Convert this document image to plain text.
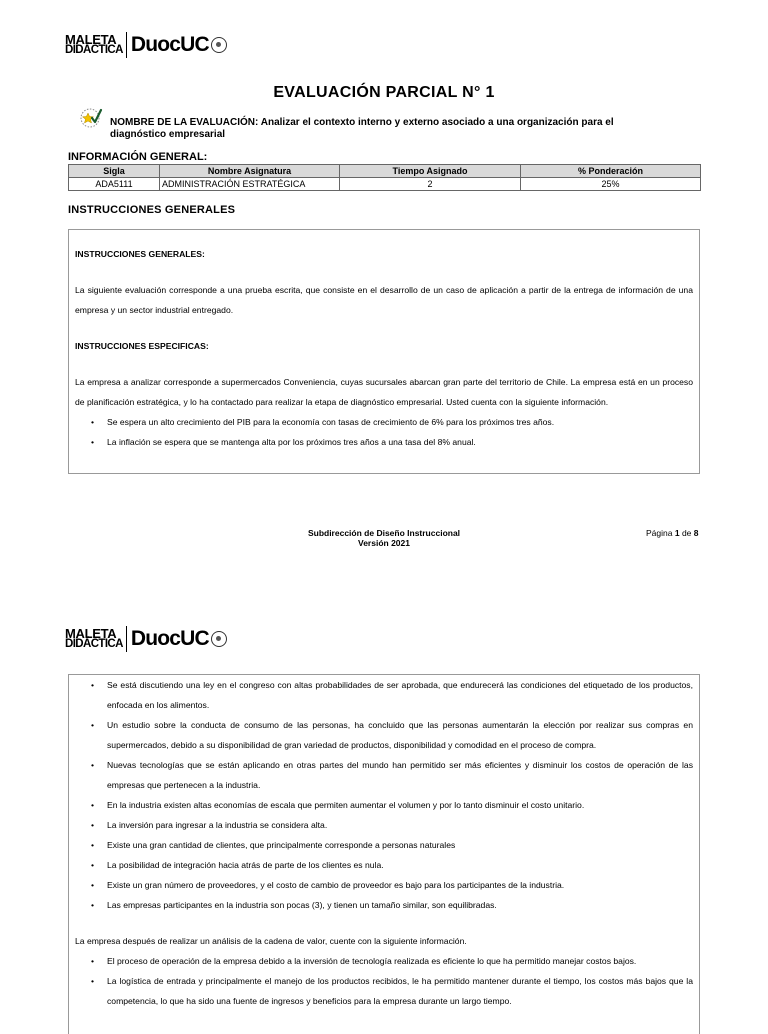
MALETA
DIDÁCTICA DuocUC
EVALUACIÓN PARCIAL N° 1
NOMBRE DE LA EVALUACIÓN: Analizar el contexto interno y externo asociado a una organización para el diagnóstico empresarial
INFORMACIÓN GENERAL:
Sigla	Nombre Asignatura	Tiempo Asignado	% Ponderación
ADA5111	ADMINISTRACIÓN ESTRATÉGICA	2	25%
INSTRUCCIONES GENERALES

INSTRUCCIONES GENERALES:

La siguiente evaluación corresponde a una prueba escrita, que consiste en el desarrollo de un caso de aplicación a partir de la entrega de información de una empresa y un sector industrial entregado.

INSTRUCCIONES ESPECIFICAS:

La empresa a analizar corresponde a supermercados Conveniencia, cuyas sucursales abarcan gran parte del territorio de Chile. La empresa está en un proceso de planificación estratégica, y lo ha contactado para realizar la etapa de diagnóstico empresarial. Usted cuenta con la siguiente información.

• Se espera un alto crecimiento del PIB para la economía con tasas de crecimiento de 6% para los próximos tres años.
• La inflación se espera que se mantenga alta por los próximos tres años a una tasa del 8% anual.
Subdirección de Diseño Instruccional
Versión 2021
Página 1 de 8
MALETA
DIDÁCTICA DuocUC
• Se está discutiendo una ley en el congreso con altas probabilidades de ser aprobada, que endurecerá las condiciones del etiquetado de los productos, enfocada en los alimentos.
• Un estudio sobre la conducta de consumo de las personas, ha concluido que las personas aumentarán la elección por realizar sus compras en supermercados, debido a su disponibilidad de gran variedad de productos, disponibilidad y comodidad en el proceso de compra.
• Nuevas tecnologías que se están aplicando en otras partes del mundo han permitido ser más eficientes y disminuir los costos de operación de las empresas que pertenecen a la industria.
• En la industria existen altas economías de escala que permiten aumentar el volumen y por lo tanto disminuir el costo unitario.
• La inversión para ingresar a la industria se considera alta.
• Existe una gran cantidad de clientes, que principalmente corresponde a personas naturales
• La posibilidad de integración hacia atrás de parte de los clientes es nula.
• Existe un gran número de proveedores, y el costo de cambio de proveedor es bajo para los participantes de la industria.
• Las empresas participantes en la industria son pocas (3), y tienen un tamaño similar, son equilibradas.

La empresa después de realizar un análisis de la cadena de valor, cuente con la siguiente información.

• El proceso de operación de la empresa debido a la inversión de tecnología realizada es eficiente lo que ha permitido manejar costos bajos.
• La logística de entrada y principalmente el manejo de los productos recibidos, le ha permitido mantener durante el tiempo, los costos más bajos que la competencia, lo que ha sido una fuente de ingresos y beneficios para la empresa durante un largo tiempo.
